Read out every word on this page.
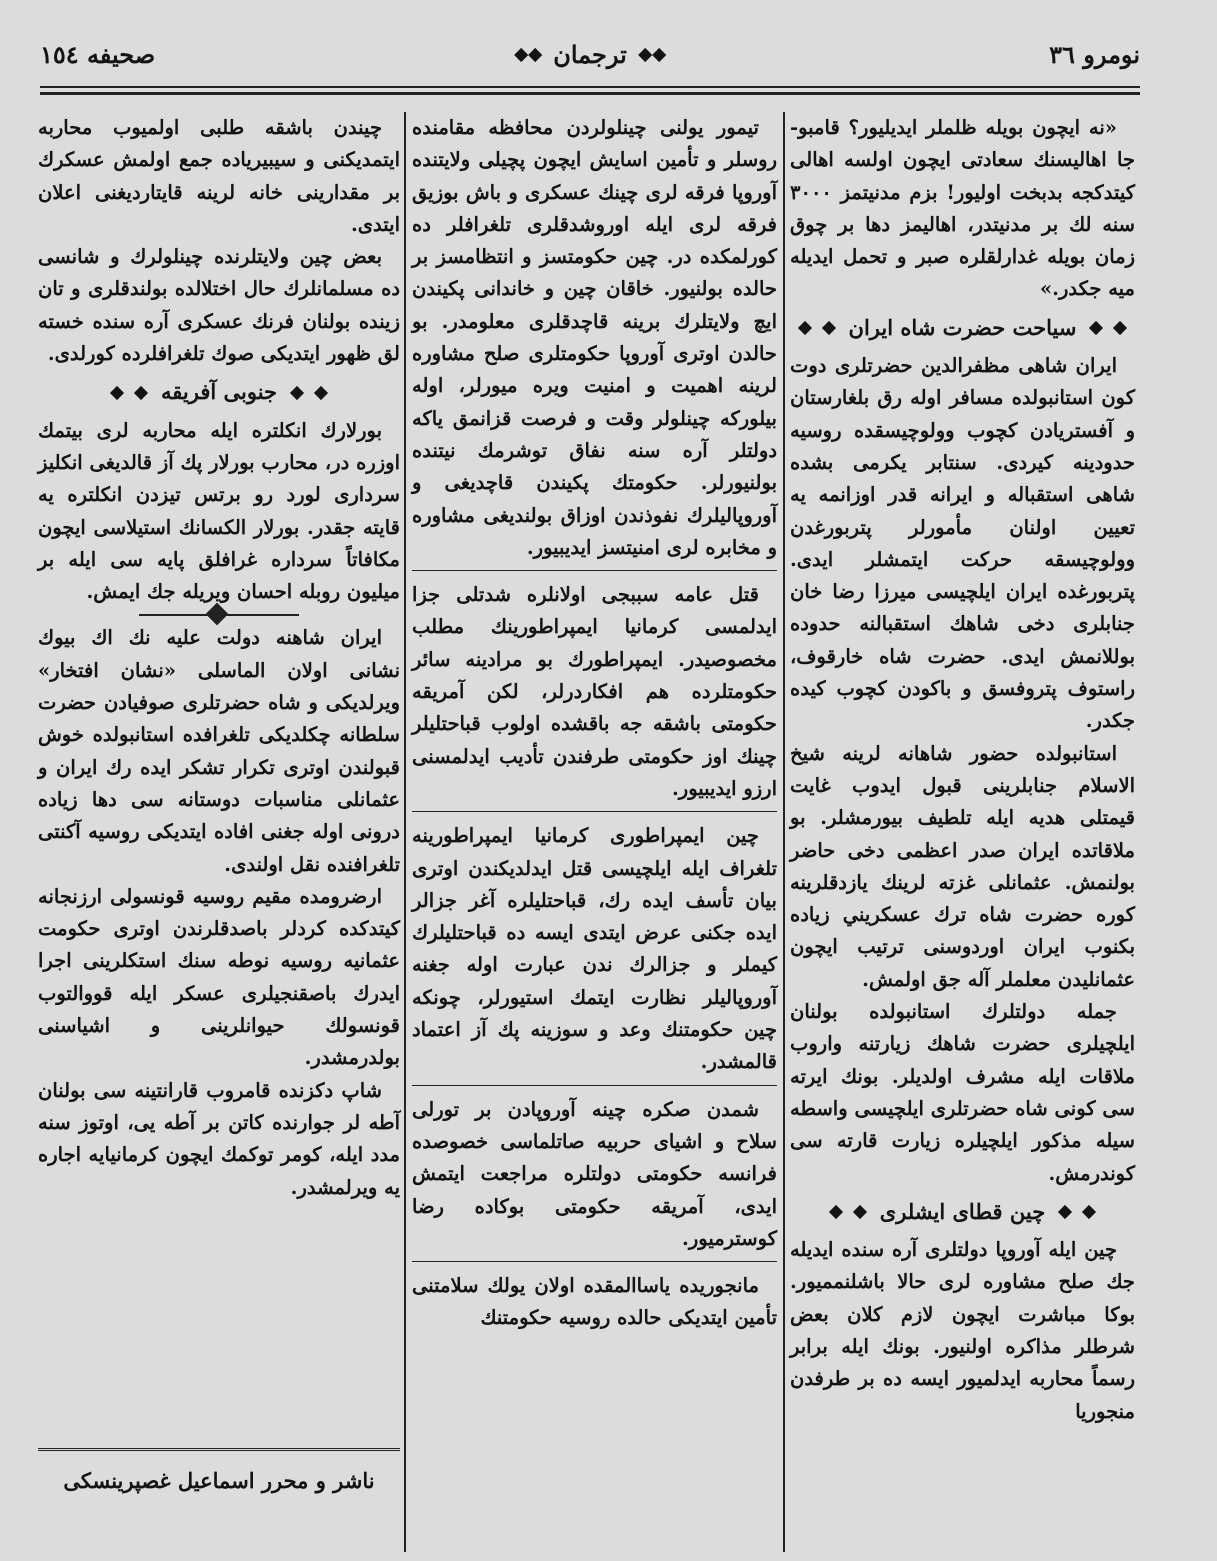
نومرو ٣٦
ترجمان
صحيفه ١٥٤

«نه ايچون بويله ظلملر ايديليور؟ قامبو-جا اهاليسنك سعادتى ايچون اولسه اهالى كيتدكجه بدبخت اوليور! بزم مدنيتمز ٣٠٠٠ سنه لك بر مدنيتدر، اهاليمز دها بر چوق زمان بويله غدارلقلره صبر و تحمل ايديله ميه جكدر.»

سياحت حضرت شاه ايران

ايران شاهى مظفرالدين حضرتلرى دوت كون استانبولده مسافر اوله رق بلغارستان و آفستريادن كچوب وولوچيسقده روسيه حدودينه كيردى. سنتابر يكرمى بشده شاهى استقباله و ايرانه قدر اوزانمه يه تعيين اولنان مأمورلر پتربورغدن وولوچيسقه حركت ايتمشلر ايدى. پتربورغده ايران ايلچيسى ميرزا رضا خان جنابلرى دخى شاهك استقبالنه حدوده بوللانمش ايدى. حضرت شاه خارقوف، راستوف پتروفسق و باكودن كچوب كيده جكدر.

استانبولده حضور شاهانه لرينه شيخ الاسلام جنابلرينى قبول ايدوب غايت قيمتلى هديه ايله تلطيف بيورمشلر. بو ملاقاتده ايران صدر اعظمى دخى حاضر بولنمش. عثمانلى غزته لرينك يازدقلرينه كوره حضرت شاه ترك عسكريني زياده بكنوب ايران اوردوسنى ترتيب ايچون عثمانليدن معلملر آله جق اولمش.

جمله دولتلرك استانبولده بولنان ايلچيلرى حضرت شاهك زيارتنه واروب ملاقات ايله مشرف اولديلر. بونك ايرته سى كونى شاه حضرتلرى ايلچيسى واسطه سيله مذكور ايلچيلره زيارت قارته سى كوندرمش.

چين قطاى ايشلرى

چين ايله آوروپا دولتلرى آره سنده ايديله جك صلح مشاوره لرى حالا باشلنمميور. بوكا مباشرت ايچون لازم كلان بعض شرطلر مذاكره اولنيور. بونك ايله برابر رسماً محاربه ايدلميور ايسه ده بر طرفدن منجوريا

تيمور يولنى چينلولردن محافظه مقامنده روسلر و تأمين اسايش ايچون پچيلى ولايتنده آوروپا فرقه لرى چينك عسكرى و باش بوزيق فرقه لرى ايله اوروشدقلرى تلغرافلر ده كورلمكده در. چين حكومتسز و انتظامسز بر حالده بولنيور. خاقان چين و خاندانى پكيندن ايچ ولايتلرك برينه قاچدقلرى معلومدر. بو حالدن اوترى آوروپا حكومتلرى صلح مشاوره لرينه اهميت و امنيت ويره ميورلر، اوله بيلوركه چينلولر وقت و فرصت قزانمق ياكه دولتلر آره سنه نفاق توشرمك نيتنده بولنيورلر. حكومتك پكيندن قاچديغى و آوروپاليلرك نفوذندن اوزاق بولنديغى مشاوره و مخابره لرى امنيتسز ايديبيور.

قتل عامه سببجى اولانلره شدتلى جزا ايدلمسى كرمانيا ايمپراطورينك مطلب مخصوصيدر. ايمپراطورك بو مرادينه سائر حكومتلرده هم افكاردرلر، لكن آمريقه حكومتى باشقه جه باقشده اولوب قباحتليلر چينك اوز حكومتى طرفندن تأديب ايدلمسنى ارزو ايديبيور.

چين ايمپراطورى كرمانيا ايمپراطورينه تلغراف ايله ايلچيسى قتل ايدلديكندن اوترى بيان تأسف ايده رك، قباحتليلره آغر جزالر ايده جكنى عرض ايتدى ايسه ده قباحتليلرك كيملر و جزالرك ندن عبارت اوله جغنه آوروپاليلر نظارت ايتمك استيورلر، چونكه چين حكومتنك وعد و سوزينه پك آز اعتماد قالمشدر.

شمدن صكره چينه آوروپادن بر تورلى سلاح و اشياى حربيه صاتلماسى خصوصده فرانسه حكومتى دولتلره مراجعت ايتمش ايدى، آمريقه حكومتى بوكاده رضا كوسترميور.

مانجوريده ياساالمقده اولان يولك سلامتنى تأمين ايتديكى حالده روسيه حكومتنك

چيندن باشقه طلبى اولميوب محاربه ايتمديكنى و سيبيرياده جمع اولمش عسكرك بر مقدارينى خانه لرينه قايتارديغنى اعلان ايتدى.

بعض چين ولايتلرنده چينلولرك و شانسى ده مسلمانلرك حال اختلالده بولندقلرى و تان زينده بولنان فرنك عسكرى آره سنده خسته لق ظهور ايتديكى صوك تلغرافلرده كورلدى.

جنوبى آفريقه

بورلارك انكلتره ايله محاربه لرى بيتمك اوزره در، محارب بورلار پك آز قالديغى انكليز سردارى لورد رو برتس تيزدن انكلتره يه قايته جقدر. بورلار الكسانك استيلاسى ايچون مكافاتاً سرداره غرافلق پايه سى ايله بر ميليون روبله احسان ويريله جك ايمش.

ايران شاهنه دولت عليه نك اك بيوك نشانى اولان الماسلى «نشان افتخار» ويرلديكى و شاه حضرتلرى صوفيادن حضرت سلطانه چكلديكى تلغرافده استانبولده خوش قبولندن اوترى تكرار تشكر ايده رك ايران و عثمانلى مناسبات دوستانه سى دها زياده درونى اوله جغنى افاده ايتديكى روسيه آكنتى تلغرافنده نقل اولندى.

ارضرومده مقيم روسيه قونسولى ارزنجانه كيتدكده كردلر باصدقلرندن اوترى حكومت عثمانيه روسيه نوطه سنك استكلرينى اجرا ايدرك باصقنجيلرى عسكر ايله قووالتوب قونسولك حيوانلرينى و اشياسنى بولدرمشدر.

شاپ دكزنده قامروب قارانتينه سى بولنان آطه لر جوارنده كاتن بر آطه يى، اوتوز سنه مدد ايله، كومر توكمك ايچون كرمانيايه اجاره يه ويرلمشدر.

ناشر و محرر اسماعيل غصپرينسكى
